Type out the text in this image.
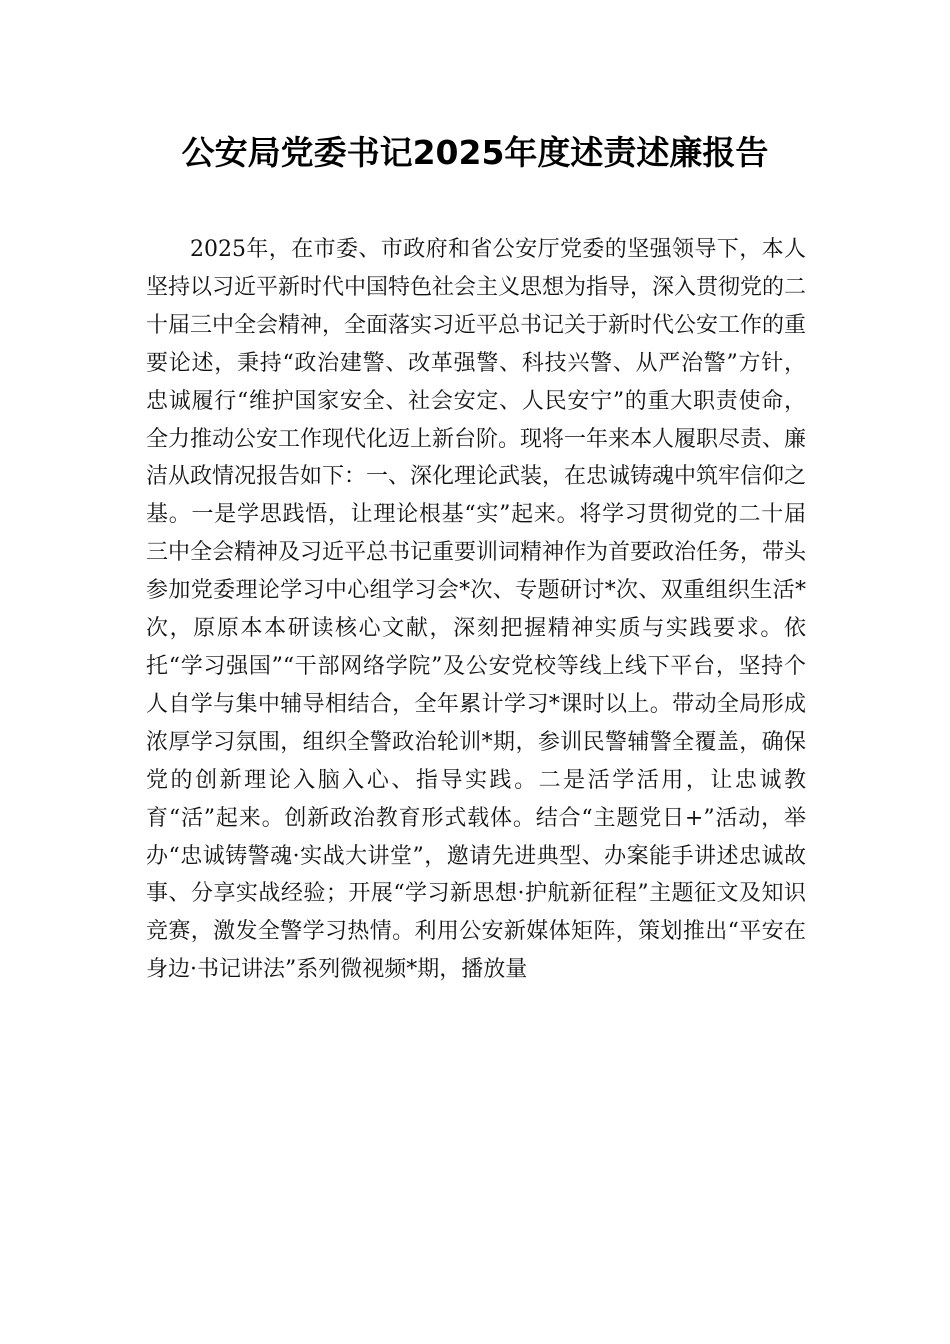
公安局党委书记2025年度述责述廉报告

2025年，在市委、市政府和省公安厅党委的坚强领导下，本人坚持以习近平新时代中国特色社会主义思想为指导，深入贯彻党的二十届三中全会精神，全面落实习近平总书记关于新时代公安工作的重要论述，秉持“政治建警、改革强警、科技兴警、从严治警”方针，忠诚履行“维护国家安全、社会安定、人民安宁”的重大职责使命，全力推动公安工作现代化迈上新台阶。现将一年来本人履职尽责、廉洁从政情况报告如下：一、深化理论武装，在忠诚铸魂中筑牢信仰之基。一是学思践悟，让理论根基“实”起来。将学习贯彻党的二十届三中全会精神及习近平总书记重要训词精神作为首要政治任务，带头参加党委理论学习中心组学习会*次、专题研讨*次、双重组织生活*次，原原本本研读核心文献，深刻把握精神实质与实践要求。依托“学习强国”“干部网络学院”及公安党校等线上线下平台，坚持个人自学与集中辅导相结合，全年累计学习*课时以上。带动全局形成浓厚学习氛围，组织全警政治轮训*期，参训民警辅警全覆盖，确保党的创新理论入脑入心、指导实践。二是活学活用，让忠诚教育“活”起来。创新政治教育形式载体。结合“主题党日+”活动，举办“忠诚铸警魂·实战大讲堂”，邀请先进典型、办案能手讲述忠诚故事、分享实战经验；开展“学习新思想·护航新征程”主题征文及知识竞赛，激发全警学习热情。利用公安新媒体矩阵，策划推出“平安在身边·书记讲法”系列微视频*期，播放量
